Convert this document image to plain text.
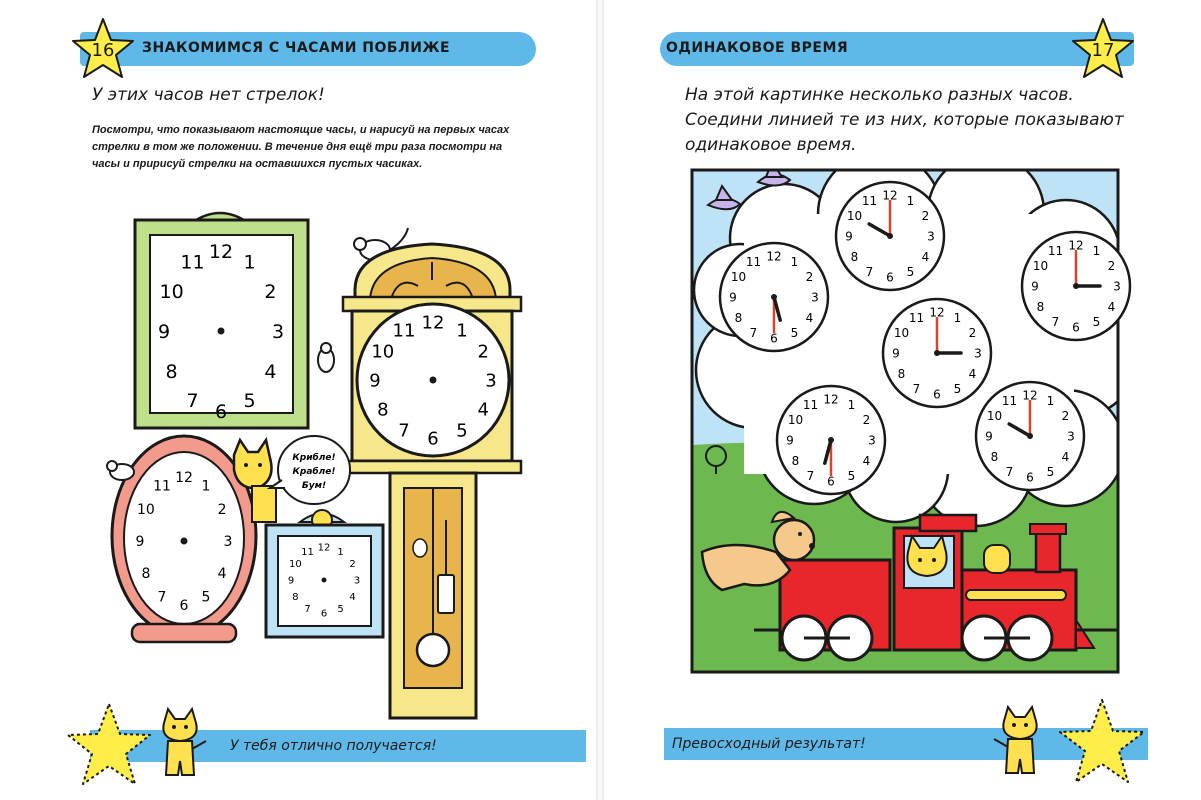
ЗНАКОМИМСЯ С ЧАСАМИ ПОБЛИЖЕ
16
У этих часов нет стрелок!
Посмотри, что показывают настоящие часы, и нарисуй на первых часах стрелки в том же положении. В течение дня ещё три раза посмотри на часы и пририсуй стрелки на оставшихся пустых часиках.
Крибле!
Крабле!
Бум!
12 1
2
3
4
5
6
7
8
9
10
11
12 1
2
3
4
5
6
7
8
9
10
11
12
1
2
3
4
5
6
7
8
9
10
11
12 1
2
3
4
5
6
7
8
9
10
11
У тебя отлично получается!
ОДИНАКОВОЕ ВРЕМЯ	17
На этой картинке несколько разных часов.
Соедини линией те из них, которые показывают
одинаковое время.
12 1
2
3
4
5
6
7
8
9
10
11
12 1
2
3
4
5
6
7
8
9
10
11
12 1
2
3
4
5
6
7
8
9
10
11
12 1
2
3
4
5
6
7
8
9
10
11
12 1
2
3
4
5
6
7
8
9
10
11
12 1
2
3
4
5
6
7
8
9
10
11
Превосходный результат!
